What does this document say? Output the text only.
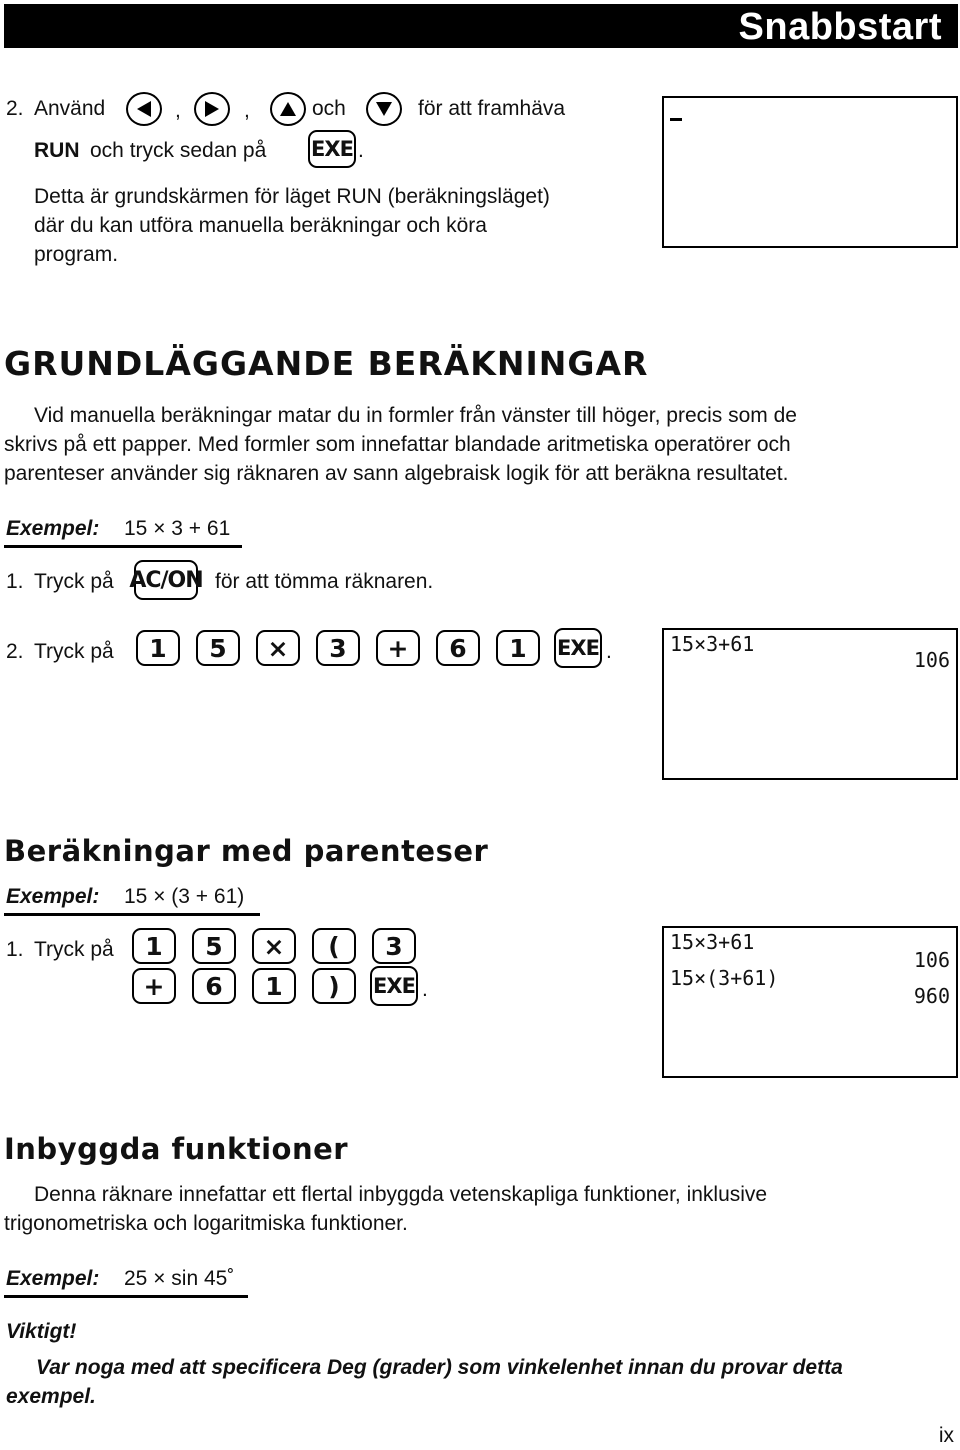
Snabbstart
2. Använd	,	,	och	för att framhäva
RUN och tryck sedan på EXE .
Detta är grundskärmen för läget RUN (beräkningsläget)
där du kan utföra manuella beräkningar och köra
program.
GRUNDLÄGGANDE BERÄKNINGAR
Vid manuella beräkningar matar du in formler från vänster till höger, precis som de
skrivs på ett papper. Med formler som innefattar blandade aritmetiska operatörer och
parenteser använder sig räknaren av sann algebraisk logik för att beräkna resultatet.
Exempel: 15 × 3 + 61
1. Tryck på AC/ON för att tömma räknaren.
2. Tryck på	1	5	×	3	+	6	1	EXE .	15×3+61
106
Beräkningar med parenteser
Exempel: 15 × (3 + 61)
1. Tryck på	1	5	×	(	3
+	6	1	)	EXE .
15×3+61
106
15×(3+61)
960
Inbyggda funktioner
Denna räknare innefattar ett flertal inbyggda vetenskapliga funktioner, inklusive
trigonometriska och logaritmiska funktioner.
Exempel: 25 × sin 45˚
Viktigt!
Var noga med att specificera Deg (grader) som vinkelenhet innan du provar detta
exempel.
ix
